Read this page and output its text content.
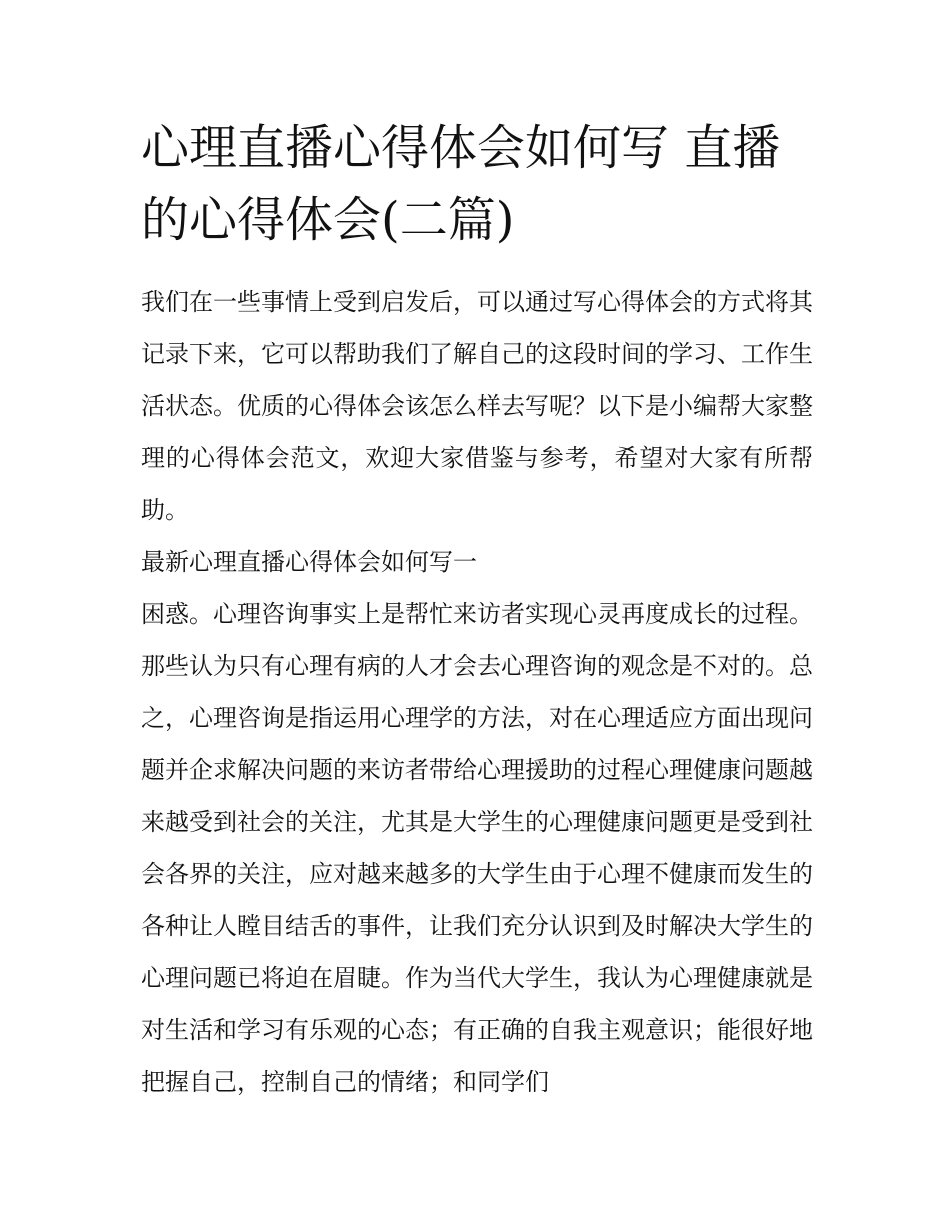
心理直播心得体会如何写 直播的心得体会(二篇)

我们在一些事情上受到启发后，可以通过写心得体会的方式将其记录下来，它可以帮助我们了解自己的这段时间的学习、工作生活状态。优质的心得体会该怎么样去写呢？以下是小编帮大家整理的心得体会范文，欢迎大家借鉴与参考，希望对大家有所帮助。

最新心理直播心得体会如何写一

困惑。心理咨询事实上是帮忙来访者实现心灵再度成长的过程。那些认为只有心理有病的人才会去心理咨询的观念是不对的。总之，心理咨询是指运用心理学的方法，对在心理适应方面出现问题并企求解决问题的来访者带给心理援助的过程心理健康问题越来越受到社会的关注，尤其是大学生的心理健康问题更是受到社会各界的关注，应对越来越多的大学生由于心理不健康而发生的各种让人瞠目结舌的事件，让我们充分认识到及时解决大学生的心理问题已将迫在眉睫。作为当代大学生，我认为心理健康就是对生活和学习有乐观的心态；有正确的自我主观意识；能很好地把握自己，控制自己的情绪；和同学们
